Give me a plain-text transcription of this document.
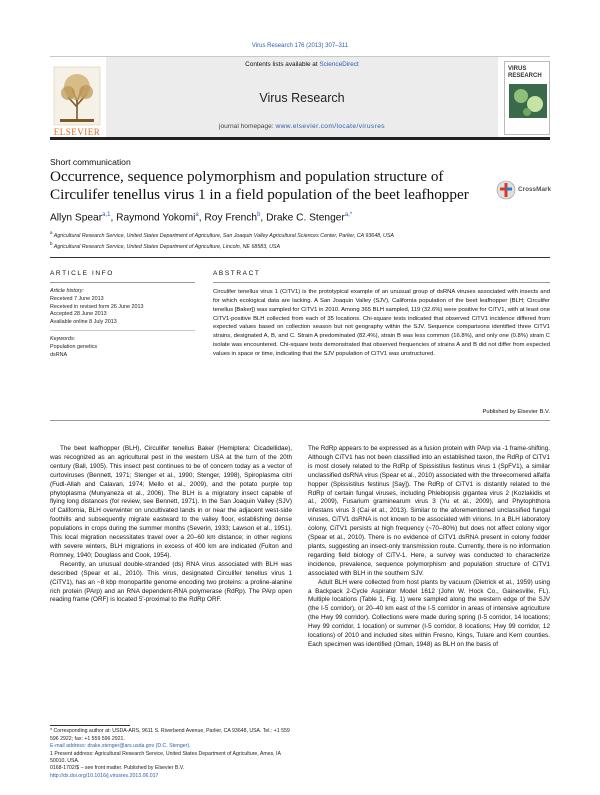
Virus Research 176 (2013) 307–311
ELSEVIER
Contents lists available at ScienceDirect
Virus Research
journal homepage: www.elsevier.com/locate/virusres
VIRUS RESEARCH
Short communication
Occurrence, sequence polymorphism and population structure of Circulifer tenellus virus 1 in a field population of the beet leafhopper	CrossMark
Allyn Spear$^{a,1}$, Raymond Yokomi$^a$, Roy French$^b$, Drake C. Stenger$^{a,*}$
$^a$ Agricultural Research Service, United States Department of Agriculture, San Joaquin Valley Agricultural Sciences Center, Parlier, CA 93648, USA
$^b$ Agricultural Research Service, United States Department of Agriculture, Lincoln, NE 68583, USA
ARTICLE INFO	ABSTRACT
Article history:
Received 7 June 2013
Received in revised form 26 June 2013
Accepted 28 June 2013
Available online 8 July 2013
Keywords:
Population genetics
dsRNA
Circulifer tenellus virus 1 (CiTV1) is the prototypical example of an unusual group of dsRNA viruses associated with insects and for which ecological data are lacking. A San Joaquin Valley (SJV), California population of the beet leafhopper (BLH; Circulifer tenellus [Baker]) was sampled for CiTV1 in 2010. Among 365 BLH sampled, 119 (32.6%) were positive for CiTV1, with at least one CiTV1-positive BLH collected from each of 35 locations. Chi-square tests indicated that observed CiTV1 incidence differed from expected values based on collection season but not geography within the SJV. Sequence comparisons identified three CiTV1 strains, designated A, B, and C. Strain A predominated (82.4%), strain B was less common (16.8%), and only one (0.8%) strain C isolate was encountered. Chi-square tests demonstrated that observed frequencies of strains A and B did not differ from expected values in space or time, indicating that the SJV population of CiTV1 was unstructured.
Published by Elsevier B.V.

The beet leafhopper (BLH), Circulifer tenellus Baker (Hemiptera: Cicadellidae), was recognized as an agricultural pest in the western USA at the turn of the 20th century (Ball, 1905). This insect pest continues to be of concern today as a vector of curtoviruses (Bennett, 1971; Stenger et al., 1990; Stenger, 1998), Spiroplasma citri (Fudl-Allah and Calavan, 1974; Mello et al., 2009), and the potato purple top phytoplasma (Munyaneza et al., 2006). The BLH is a migratory insect capable of flying long distances (for review, see Bennett, 1971). In the San Joaquin Valley (SJV) of California, BLH overwinter on uncultivated lands in or near the adjacent west-side foothills and subsequently migrate eastward to the valley floor, establishing dense populations in crops during the summer months (Severin, 1933; Lawson et al., 1951). This local migration necessitates travel over a 20–60 km distance; in other regions with severe winters, BLH migrations in excess of 400 km are indicated (Fulton and Romney, 1940; Douglass and Cook, 1954).

Recently, an unusual double-stranded (ds) RNA virus associated with BLH was described (Spear et al., 2010). This virus, designated Circulifer tenellus virus 1 (CiTV1), has an ~8 kbp monopartite genome encoding two proteins: a proline-alanine rich protein (PArp) and an RNA dependent-RNA polymerase (RdRp). The PArp open reading frame (ORF) is located 5'-proximal to the RdRp ORF.

The RdRp appears to be expressed as a fusion protein with PArp via -1 frame-shifting. Although CiTV1 has not been classified into an established taxon, the RdRp of CiTV1 is most closely related to the RdRp of Spissistilus festinus virus 1 (SpFV1), a similar unclassified dsRNA virus (Spear et al., 2010) associated with the threecornered alfalfa hopper (Spissistilus festinus [Say]). The RdRp of CiTV1 is distantly related to the RdRp of certain fungal viruses, including Phlebiopsis gigantea virus 2 (Kozlakidis et al., 2009), Fusarium graminearum virus 3 (Yu et al., 2009), and Phytophthora infestans virus 3 (Cai et al., 2013). Similar to the aforementioned unclassified fungal viruses, CiTV1 dsRNA is not known to be associated with virions. In a BLH laboratory colony, CiTV1 persists at high frequency (~70–80%) but does not affect colony vigor (Spear et al., 2010). There is no evidence of CiTV1 dsRNA present in colony fodder plants, suggesting an insect-only transmission route. Currently, there is no information regarding field biology of CiTV-1. Here, a survey was conducted to characterize incidence, prevalence, sequence polymorphism and population structure of CiTV1 associated with BLH in the southern SJV.

Adult BLH were collected from host plants by vacuum (Dietrick et al., 1959) using a Backpack 2-Cycle Aspirator Model 1612 (John W. Hock Co., Gainesville, FL). Multiple locations (Table 1, Fig. 1) were sampled along the western edge of the SJV (the I-5 corridor), or 20–40 km east of the I-5 corridor in areas of intensive agriculture (the Hwy 99 corridor). Collections were made during spring (I-5 corridor, 14 locations; Hwy 99 corridor, 1 location) or summer (I-5 corridor, 8 locations; Hwy 99 corridor, 12 locations) of 2010 and included sites within Fresno, Kings, Tulare and Kern counties. Each specimen was identified (Oman, 1948) as BLH on the basis of

* Corresponding author at: USDA-ARS, 9611 S. Riverbend Avenue, Parlier, CA 93648, USA. Tel.: +1 559 596 2922; fax: +1 559 596 2921.
E-mail address: drake.stenger@ars.usda.gov (D.C. Stenger).
1 Present address: Agricultural Research Service, United States Department of Agriculture, Ames, IA 50010, USA.
0168-1702/$ – see front matter. Published by Elsevier B.V.
http://dx.doi.org/10.1016/j.virusres.2013.06.017
